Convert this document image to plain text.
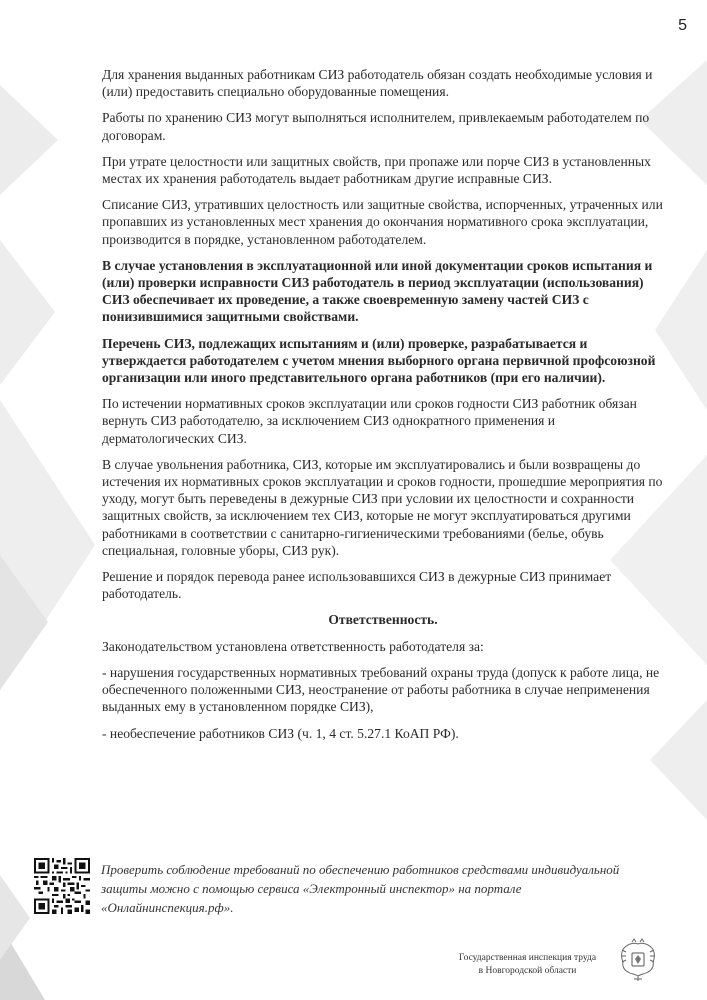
5

Для хранения выданных работникам СИЗ работодатель обязан создать необходимые условия и (или) предоставить специально оборудованные помещения.

Работы по хранению СИЗ могут выполняться исполнителем, привлекаемым работодателем по договорам.

При утрате целостности или защитных свойств, при пропаже или порче СИЗ в установленных местах их хранения работодатель выдает работникам другие исправные СИЗ.

Списание СИЗ, утративших целостность или защитные свойства, испорченных, утраченных или пропавших из установленных мест хранения до окончания нормативного срока эксплуатации, производится в порядке, установленном работодателем.

В случае установления в эксплуатационной или иной документации сроков испытания и (или) проверки исправности СИЗ работодатель в период эксплуатации (использования) СИЗ обеспечивает их проведение, а также своевременную замену частей СИЗ с понизившимися защитными свойствами.

Перечень СИЗ, подлежащих испытаниям и (или) проверке, разрабатывается и утверждается работодателем с учетом мнения выборного органа первичной профсоюзной организации или иного представительного органа работников (при его наличии).

По истечении нормативных сроков эксплуатации или сроков годности СИЗ работник обязан вернуть СИЗ работодателю, за исключением СИЗ однократного применения и дерматологических СИЗ.

В случае увольнения работника, СИЗ, которые им эксплуатировались и были возвращены до истечения их нормативных сроков эксплуатации и сроков годности, прошедшие мероприятия по уходу, могут быть переведены в дежурные СИЗ при условии их целостности и сохранности защитных свойств, за исключением тех СИЗ, которые не могут эксплуатироваться другими работниками в соответствии с санитарно-гигиеническими требованиями (белье, обувь специальная, головные уборы, СИЗ рук).

Решение и порядок перевода ранее использовавшихся СИЗ в дежурные СИЗ принимает работодатель.

Ответственность.

Законодательством установлена ответственность работодателя за:

- нарушения государственных нормативных требований охраны труда (допуск к работе лица, не обеспеченного положенными СИЗ, неостранение от работы работника в случае неприменения выданных ему в установленном порядке СИЗ),

- необеспечение работников СИЗ (ч. 1, 4 ст. 5.27.1 КоАП РФ).

Проверить соблюдение требований по обеспечению работников средствами индивидуальной защиты можно с помощью сервиса «Электронный инспектор» на портале «Онлайнинспекция.рф».
Государственная инспекция труда
в Новгородской области
